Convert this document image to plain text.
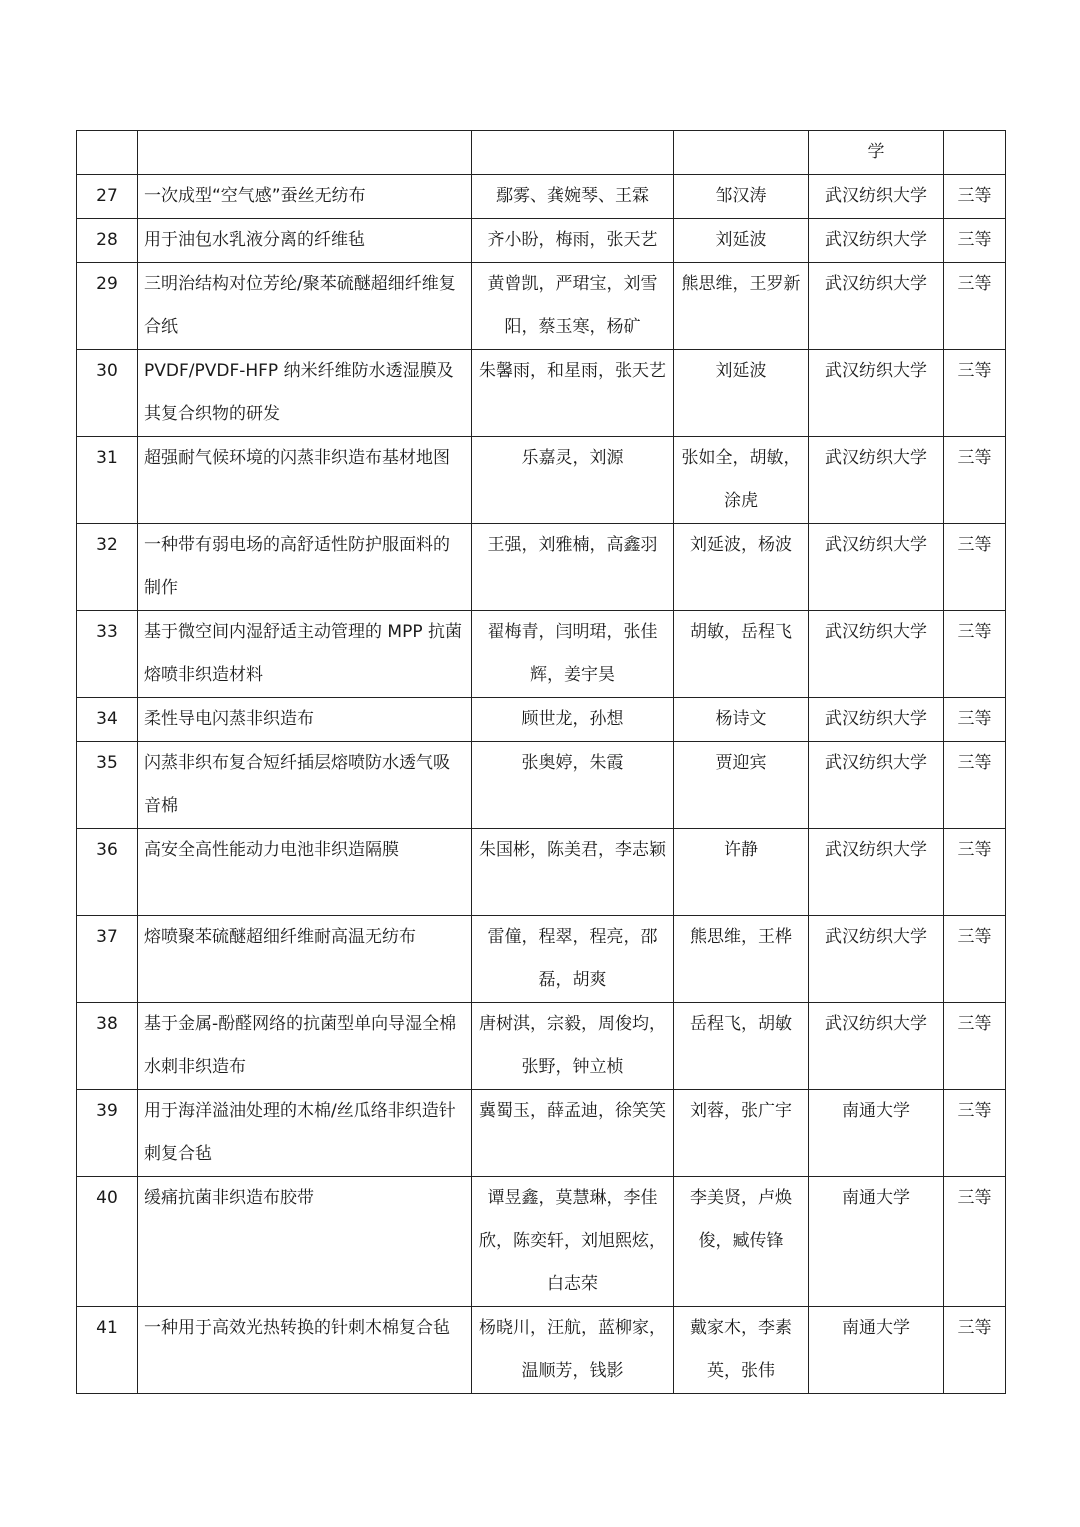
				学	
27	一次成型“空气感”蚕丝无纺布	鄢雾、龚婉琴、王霖	邹汉涛	武汉纺织大学	三等
28	用于油包水乳液分离的纤维毡	齐小盼，梅雨，张天艺	刘延波	武汉纺织大学	三等
29	三明治结构对位芳纶/聚苯硫醚超细纤维复合纸	黄曾凯，严珺宝，刘雪阳，蔡玉寒，杨矿	熊思维，王罗新	武汉纺织大学	三等
30	PVDF/PVDF-HFP 纳米纤维防水透湿膜及其复合织物的研发	朱馨雨，和星雨，张天艺	刘延波	武汉纺织大学	三等
31	超强耐气候环境的闪蒸非织造布基材地图	乐嘉灵，刘源	张如全，胡敏，涂虎	武汉纺织大学	三等
32	一种带有弱电场的高舒适性防护服面料的制作	王强，刘雅楠，高鑫羽	刘延波，杨波	武汉纺织大学	三等
33	基于微空间内湿舒适主动管理的 MPP 抗菌熔喷非织造材料	翟梅青，闫明珺，张佳辉，姜宇昊	胡敏，岳程飞	武汉纺织大学	三等
34	柔性导电闪蒸非织造布	顾世龙，孙想	杨诗文	武汉纺织大学	三等
35	闪蒸非织布复合短纤插层熔喷防水透气吸音棉	张奥婷，朱霞	贾迎宾	武汉纺织大学	三等
36	高安全高性能动力电池非织造隔膜	朱国彬，陈美君，李志颖	许静	武汉纺织大学	三等
37	熔喷聚苯硫醚超细纤维耐高温无纺布	雷僮，程翠，程亮，邵磊，胡爽	熊思维，王桦	武汉纺织大学	三等
38	基于金属-酚醛网络的抗菌型单向导湿全棉水刺非织造布	唐树淇，宗毅，周俊均，张野，钟立桢	岳程飞，胡敏	武汉纺织大学	三等
39	用于海洋溢油处理的木棉/丝瓜络非织造针刺复合毡	冀蜀玉，薛孟迪，徐笑笑	刘蓉，张广宇	南通大学	三等
40	缓痛抗菌非织造布胶带	谭昱鑫，莫慧琳，李佳欣，陈奕轩，刘旭熙炫，白志荣	李美贤，卢焕俊，臧传锋	南通大学	三等
41	一种用于高效光热转换的针刺木棉复合毡	杨晓川，汪航，蓝柳家，温顺芳，钱影	戴家木，李素英，张伟	南通大学	三等
